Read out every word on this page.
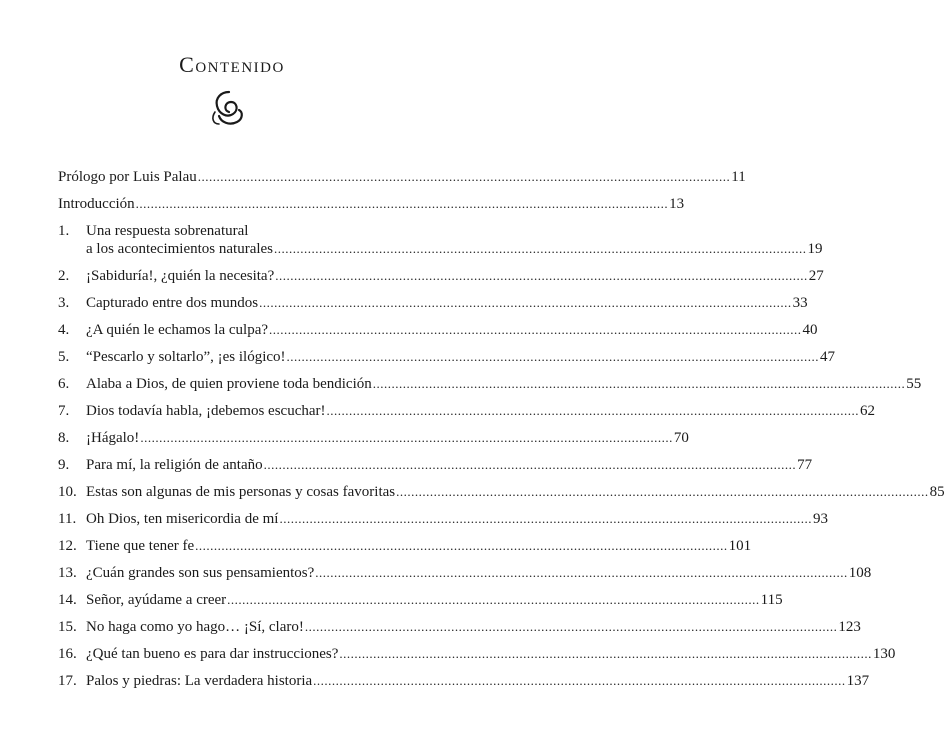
Contenido
Prólogo por Luis Palau .....	11
Introducción .....	13
1.	Una respuesta sobrenatural
a los acontecimientos naturales .....	19
2.	¡Sabiduría!, ¿quién la necesita? .....	27
3.	Capturado entre dos mundos .....	33
4.	¿A quién le echamos la culpa? .....	40
5.	“Pescarlo y soltarlo”, ¡es ilógico! .....	47
6.	Alaba a Dios, de quien proviene toda bendición .....	55
7.	Dios todavía habla, ¡debemos escuchar! .....	62
8.	¡Hágalo! .....	70
9.	Para mí, la religión de antaño .....	77
10. Estas son algunas de mis personas y cosas favoritas .....	85
11. Oh Dios, ten misericordia de mí .....	93
12. Tiene que tener fe .....	101
13. ¿Cuán grandes son sus pensamientos? .....	108
14. Señor, ayúdame a creer .....	115
15. No haga como yo hago… ¡Sí, claro! .....	123
16. ¿Qué tan bueno es para dar instrucciones? .....	130
17. Palos y piedras: La verdadera historia .....	137
